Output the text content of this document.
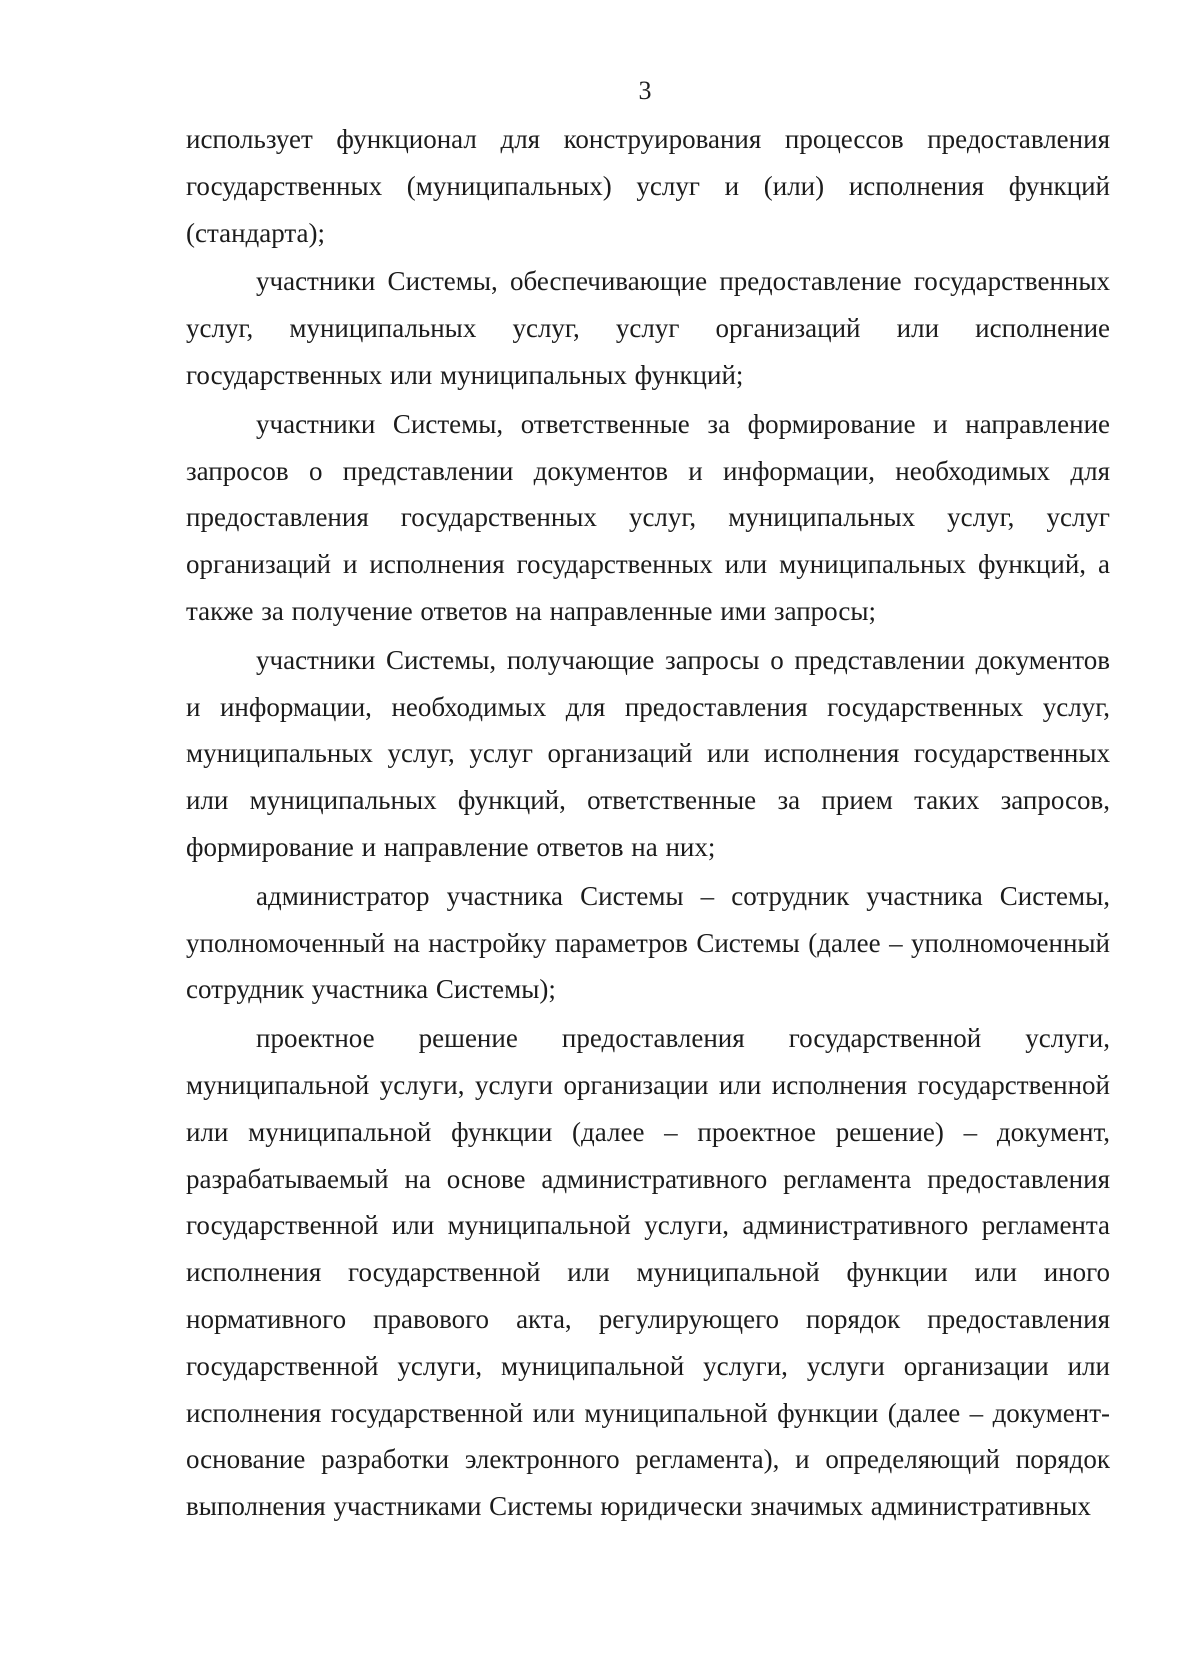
3

использует функционал для конструирования процессов предоставления государственных (муниципальных) услуг и (или) исполнения функций (стандарта);

участники Системы, обеспечивающие предоставление государственных услуг, муниципальных услуг, услуг организаций или исполнение государственных или муниципальных функций;

участники Системы, ответственные за формирование и направление запросов о представлении документов и информации, необходимых для предоставления государственных услуг, муниципальных услуг, услуг организаций и исполнения государственных или муниципальных функций, а также за получение ответов на направленные ими запросы;

участники Системы, получающие запросы о представлении документов и информации, необходимых для предоставления государственных услуг, муниципальных услуг, услуг организаций или исполнения государственных или муниципальных функций, ответственные за прием таких запросов, формирование и направление ответов на них;

администратор участника Системы – сотрудник участника Системы, уполномоченный на настройку параметров Системы (далее – уполномоченный сотрудник участника Системы);

проектное решение предоставления государственной услуги, муниципальной услуги, услуги организации или исполнения государственной или муниципальной функции (далее – проектное решение) – документ, разрабатываемый на основе административного регламента предоставления государственной или муниципальной услуги, административного регламента исполнения государственной или муниципальной функции или иного нормативного правового акта, регулирующего порядок предоставления государственной услуги, муниципальной услуги, услуги организации или исполнения государственной или муниципальной функции (далее – документ-основание разработки электронного регламента), и определяющий порядок выполнения участниками Системы юридически значимых административных
